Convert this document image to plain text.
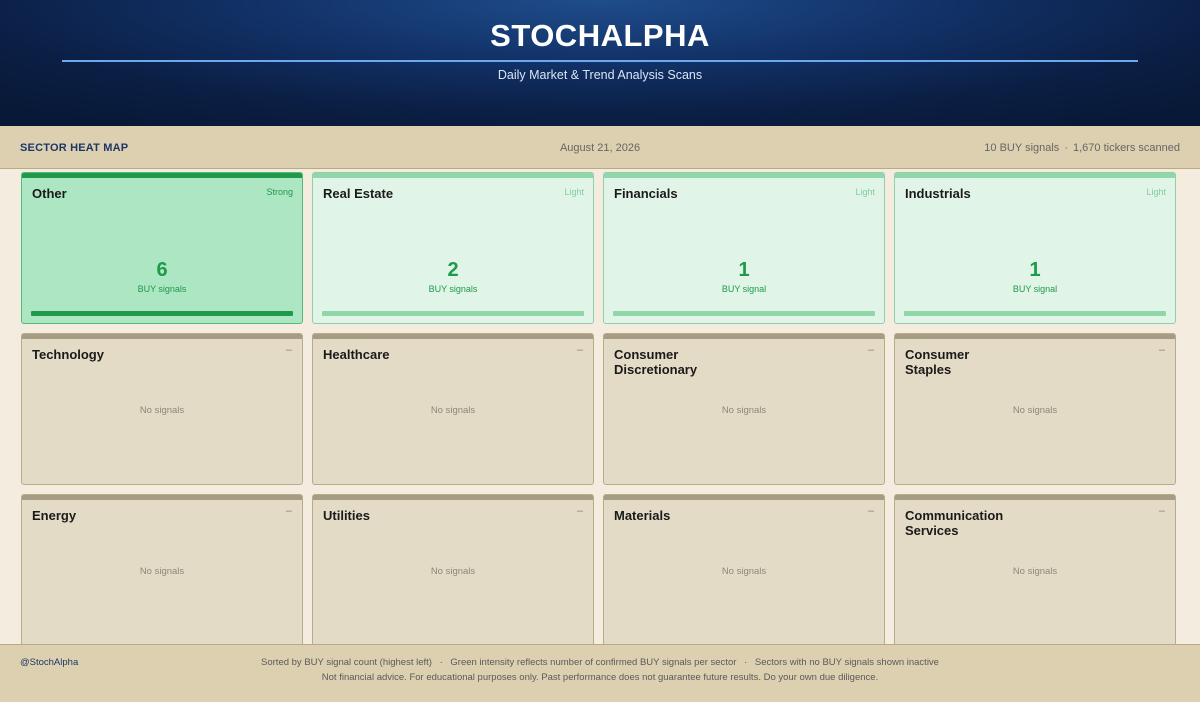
STOCHALPHA
Daily Market & Trend Analysis Scans
SECTOR HEAT MAP	August 21, 2026	10 BUY signals · 1,670 tickers scanned
Other	Strong
6
BUY signals
Real Estate	Light
2
BUY signals
Financials	Light
1
BUY signal
Industrials	Light
1
BUY signal
Technology	–
No signals
Healthcare	–
No signals
Consumer Discretionary
–
No signals
Consumer Staples
–
No signals
Energy	–
No signals
Utilities	–
No signals
Materials	–
No signals
Communication Services
–
No signals
@StochAlpha	Sorted by BUY signal count (highest left) · Green intensity reflects number of confirmed BUY signals per sector · Sectors with no BUY signals shown inactive
Not financial advice. For educational purposes only. Past performance does not guarantee future results. Do your own due diligence.
